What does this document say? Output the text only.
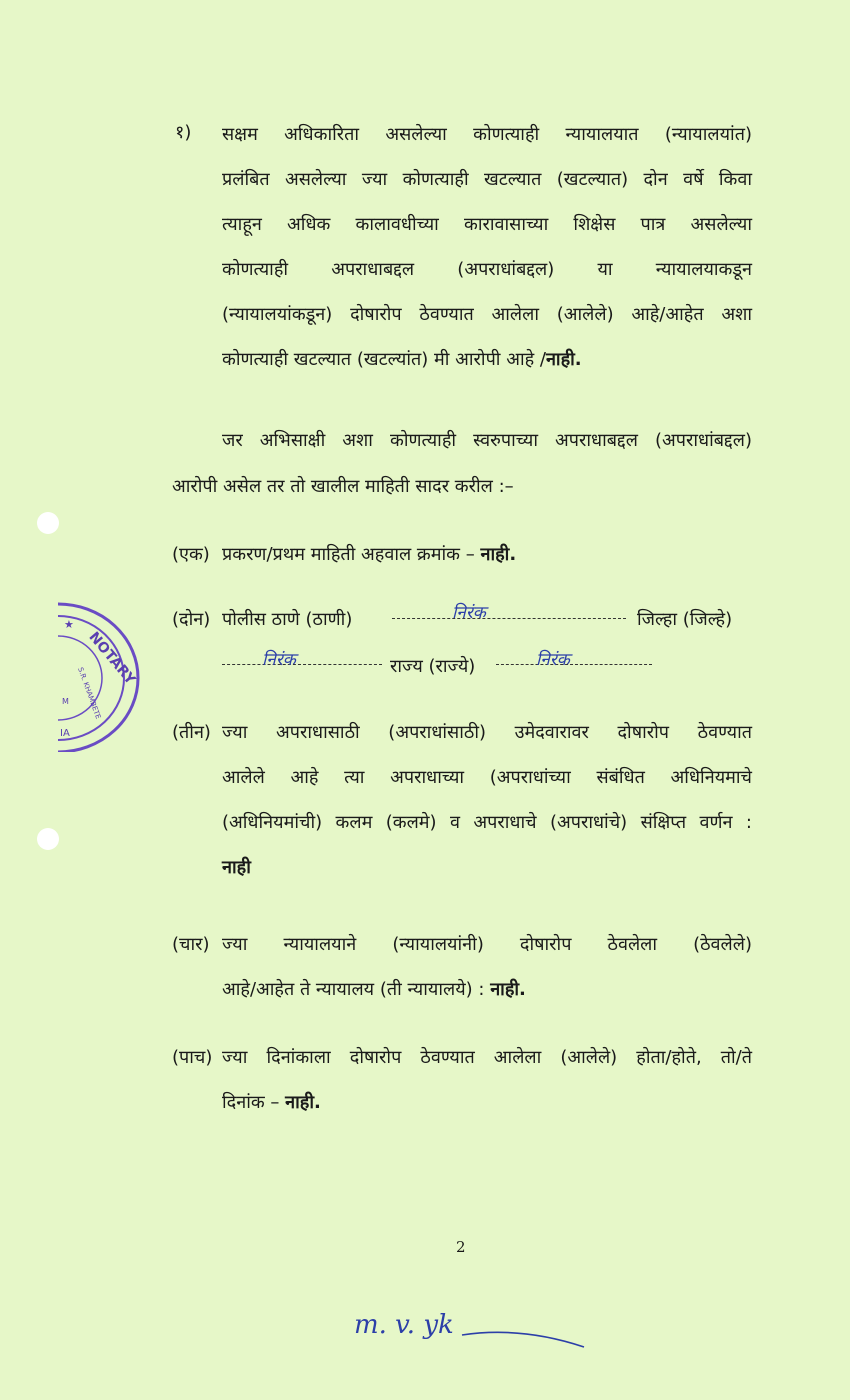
NOTARY
★
IA
M S.R. KHAMBETE
१) सक्षम अधिकारिता असलेल्या कोणत्याही न्यायालयात (न्यायालयांत)
प्रलंबित असलेल्या ज्या कोणत्याही खटल्यात (खटल्यात) दोन वर्षे किवा
त्याहून अधिक कालावधीच्या कारावासाच्या शिक्षेस पात्र असलेल्या
कोणत्याही अपराधाबद्दल (अपराधांबद्दल) या न्यायालयाकडून
(न्यायालयांकडून) दोषारोप ठेवण्यात आलेला (आलेले) आहे/आहेत अशा
कोणत्याही खटल्यात (खटल्यांत) मी आरोपी आहे /नाही.
जर अभिसाक्षी अशा कोणत्याही स्वरुपाच्या अपराधाबद्दल (अपराधांबद्दल)
आरोपी असेल तर तो खालील माहिती सादर करील :–
(एक) प्रकरण/प्रथम माहिती अहवाल क्रमांक – नाही.
(दोन) पोलीस ठाणे (ठाणी)	निरंक	जिल्हा (जिल्हे)
निरंक	राज्य (राज्ये)	निरंक
(तीन) ज्या अपराधासाठी (अपराधांसाठी) उमेदवारावर दोषारोप ठेवण्यात
आलेले आहे त्या अपराधाच्या (अपराधांच्या संबंधित अधिनियमाचे
(अधिनियमांची) कलम (कलमे) व अपराधाचे (अपराधांचे) संक्षिप्त वर्णन :
नाही
(चार) ज्या न्यायालयाने (न्यायालयांनी) दोषारोप ठेवलेला (ठेवलेले)
आहे/आहेत ते न्यायालय (ती न्यायालये) : नाही.
(पाच) ज्या दिनांकाला दोषारोप ठेवण्यात आलेला (आलेले) होता/होते, तो/ते
दिनांक – नाही.
2
m. v. yk
